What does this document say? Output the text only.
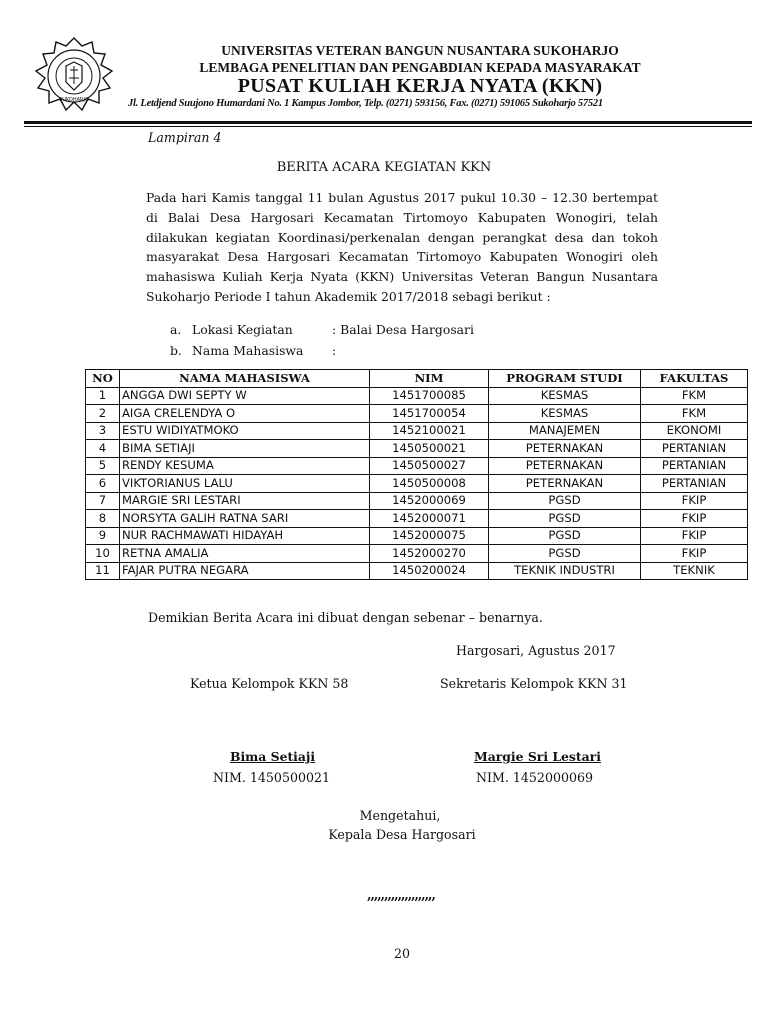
SUKOHARJO
UNIVERSITAS VETERAN BANGUN NUSANTARA SUKOHARJO
LEMBAGA PENELITIAN DAN PENGABDIAN KEPADA MASYARAKAT
PUSAT KULIAH KERJA NYATA (KKN)
Jl. Letdjend Suujono Humardani No. 1 Kampus Jombor, Telp. (0271) 593156, Fax. (0271) 591065 Sukoharjo 57521
Lampiran 4
BERITA ACARA KEGIATAN KKN
Pada hari Kamis tanggal 11 bulan Agustus 2017 pukul 10.30 – 12.30 bertempat di Balai Desa Hargosari Kecamatan Tirtomoyo Kabupaten Wonogiri, telah dilakukan kegiatan Koordinasi/perkenalan dengan perangkat desa dan tokoh masyarakat Desa Hargosari Kecamatan Tirtomoyo Kabupaten Wonogiri oleh mahasiswa Kuliah Kerja Nyata (KKN) Universitas Veteran Bangun Nusantara Sukoharjo Periode I tahun Akademik 2017/2018 sebagi berikut :
a. Lokasi Kegiatan	: Balai Desa Hargosari
b. Nama Mahasiswa	:
NO	NAMA MAHASISWA	NIM	PROGRAM STUDI	FAKULTAS
1	ANGGA DWI SEPTY W	1451700085	KESMAS	FKM
2	AIGA CRELENDYA O	1451700054	KESMAS	FKM
3	ESTU WIDIYATMOKO	1452100021	MANAJEMEN	EKONOMI
4	BIMA SETIAJI	1450500021	PETERNAKAN	PERTANIAN
5	RENDY KESUMA	1450500027	PETERNAKAN	PERTANIAN
6	VIKTORIANUS LALU	1450500008	PETERNAKAN	PERTANIAN
7	MARGIE SRI LESTARI	1452000069	PGSD	FKIP
8	NORSYTA GALIH RATNA SARI	1452000071	PGSD	FKIP
9	NUR RACHMAWATI HIDAYAH	1452000075	PGSD	FKIP
10	RETNA AMALIA	1452000270	PGSD	FKIP
11	FAJAR PUTRA NEGARA	1450200024	TEKNIK INDUSTRI	TEKNIK
Demikian Berita Acara ini dibuat dengan sebenar – benarnya.
Hargosari, Agustus 2017
Ketua Kelompok KKN 58	Sekretaris Kelompok KKN 31
Bima Setiaji	Margie Sri Lestari
NIM. 1450500021	NIM. 1452000069
Mengetahui,
Kepala Desa Hargosari
,,,,,,,,,,,,,,,,,,,,
20
